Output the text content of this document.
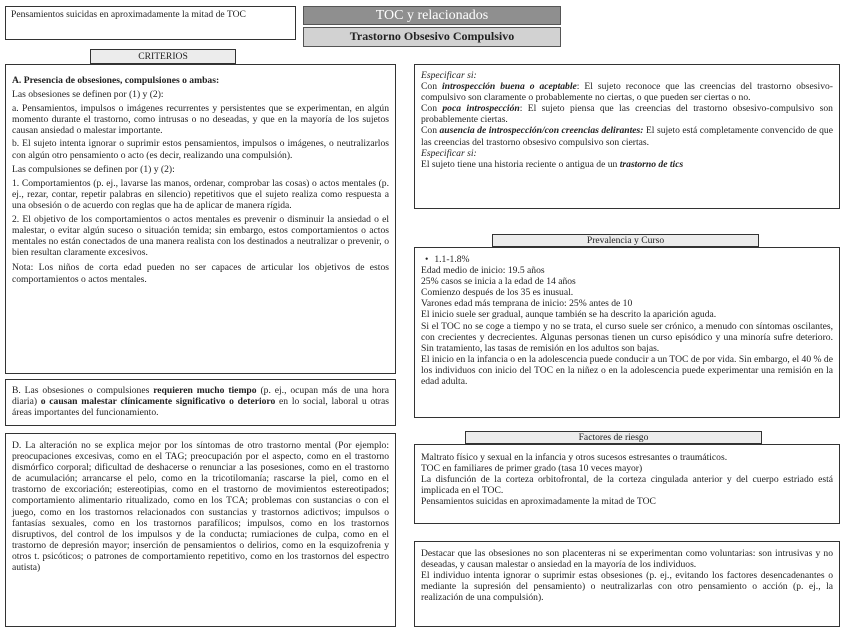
Pensamientos suicidas en aproximadamente la mitad de TOC	TOC y relacionados
Trastorno Obsesivo Compulsivo
CRITERIOS

A. Presencia de obsesiones, compulsiones o ambas:

Las obsesiones se definen por (1) y (2):

a. Pensamientos, impulsos o imágenes recurrentes y persistentes que se experimentan, en algún momento durante el trastorno, como intrusas o no deseadas, y que en la mayoría de los sujetos causan ansiedad o malestar importante.

b. El sujeto intenta ignorar o suprimir estos pensamientos, impulsos o imágenes, o neutralizarlos con algún otro pensamiento o acto (es decir, realizando una compulsión).

Las compulsiones se definen por (1) y (2):

1. Comportamientos (p. ej., lavarse las manos, ordenar, comprobar las cosas) o actos mentales (p. ej., rezar, contar, repetir palabras en silencio) repetitivos que el sujeto realiza como respuesta a una obsesión o de acuerdo con reglas que ha de aplicar de manera rígida.

2. El objetivo de los comportamientos o actos mentales es prevenir o disminuir la ansiedad o el malestar, o evitar algún suceso o situación temida; sin embargo, estos comportamientos o actos mentales no están conectados de una manera realista con los destinados a neutralizar o prevenir, o bien resultan claramente excesivos.

Nota: Los niños de corta edad pueden no ser capaces de articular los objetivos de estos comportamientos o actos mentales.

B. Las obsesiones o compulsiones requieren mucho tiempo (p. ej., ocupan más de una hora diaria) o causan malestar clínicamente significativo o deterioro en lo social, laboral u otras áreas importantes del funcionamiento.

D. La alteración no se explica mejor por los síntomas de otro trastorno mental (Por ejemplo: preocupaciones excesivas, como en el TAG; preocupación por el aspecto, como en el trastorno dismórfico corporal; dificultad de deshacerse o renunciar a las posesiones, como en el trastorno de acumulación; arrancarse el pelo, como en la tricotilomanía; rascarse la piel, como en el trastorno de excoriación; estereotipias, como en el trastorno de movimientos estereotipados; comportamiento alimentario ritualizado, como en los TCA; problemas con sustancias o con el juego, como en los trastornos relacionados con sustancias y trastornos adictivos; impulsos o fantasías sexuales, como en los trastornos parafílicos; impulsos, como en los trastornos disruptivos, del control de los impulsos y de la conducta; rumiaciones de culpa, como en el trastorno de depresión mayor; inserción de pensamientos o delirios, como en la esquizofrenia y otros t. psicóticos; o patrones de comportamiento repetitivo, como en los trastornos del espectro autista)

Especificar si:

Con introspección buena o aceptable: El sujeto reconoce que las creencias del trastorno obsesivo-compulsivo son claramente o probablemente no ciertas, o que pueden ser ciertas o no.

Con poca introspección: El sujeto piensa que las creencias del trastorno obsesivo-compulsivo son probablemente ciertas.

Con ausencia de introspección/con creencias delirantes: El sujeto está completamente convencido de que las creencias del trastorno obsesivo compulsivo son ciertas.

Especificar si:

El sujeto tiene una historia reciente o antigua de un trastorno de tics

Prevalencia y Curso

• 1.1-1.8%

Edad medio de inicio: 19.5 años

25% casos se inicia a la edad de 14 años

Comienzo después de los 35 es inusual.

Varones edad más temprana de inicio: 25% antes de 10

El inicio suele ser gradual, aunque también se ha descrito la aparición aguda.

Si el TOC no se coge a tiempo y no se trata, el curso suele ser crónico, a menudo con síntomas oscilantes, con crecientes y decrecientes. Algunas personas tienen un curso episódico y una minoría sufre deterioro. Sin tratamiento, las tasas de remisión en los adultos son bajas.

El inicio en la infancia o en la adolescencia puede conducir a un TOC de por vida. Sin embargo, el 40 % de los individuos con inicio del TOC en la niñez o en la adolescencia puede experimentar una remisión en la edad adulta.

Factores de riesgo

Maltrato físico y sexual en la infancia y otros sucesos estresantes o traumáticos.

TOC en familiares de primer grado (tasa 10 veces mayor)

La disfunción de la corteza orbitofrontal, de la corteza cingulada anterior y del cuerpo estriado está implicada en el TOC.

Pensamientos suicidas en aproximadamente la mitad de TOC

Destacar que las obsesiones no son placenteras ni se experimentan como voluntarias: son intrusivas y no deseadas, y causan malestar o ansiedad en la mayoría de los individuos.

El individuo intenta ignorar o suprimir estas obsesiones (p. ej., evitando los factores desencadenantes o mediante la supresión del pensamiento) o neutralizarlas con otro pensamiento o acción (p. ej., la realización de una compulsión).
